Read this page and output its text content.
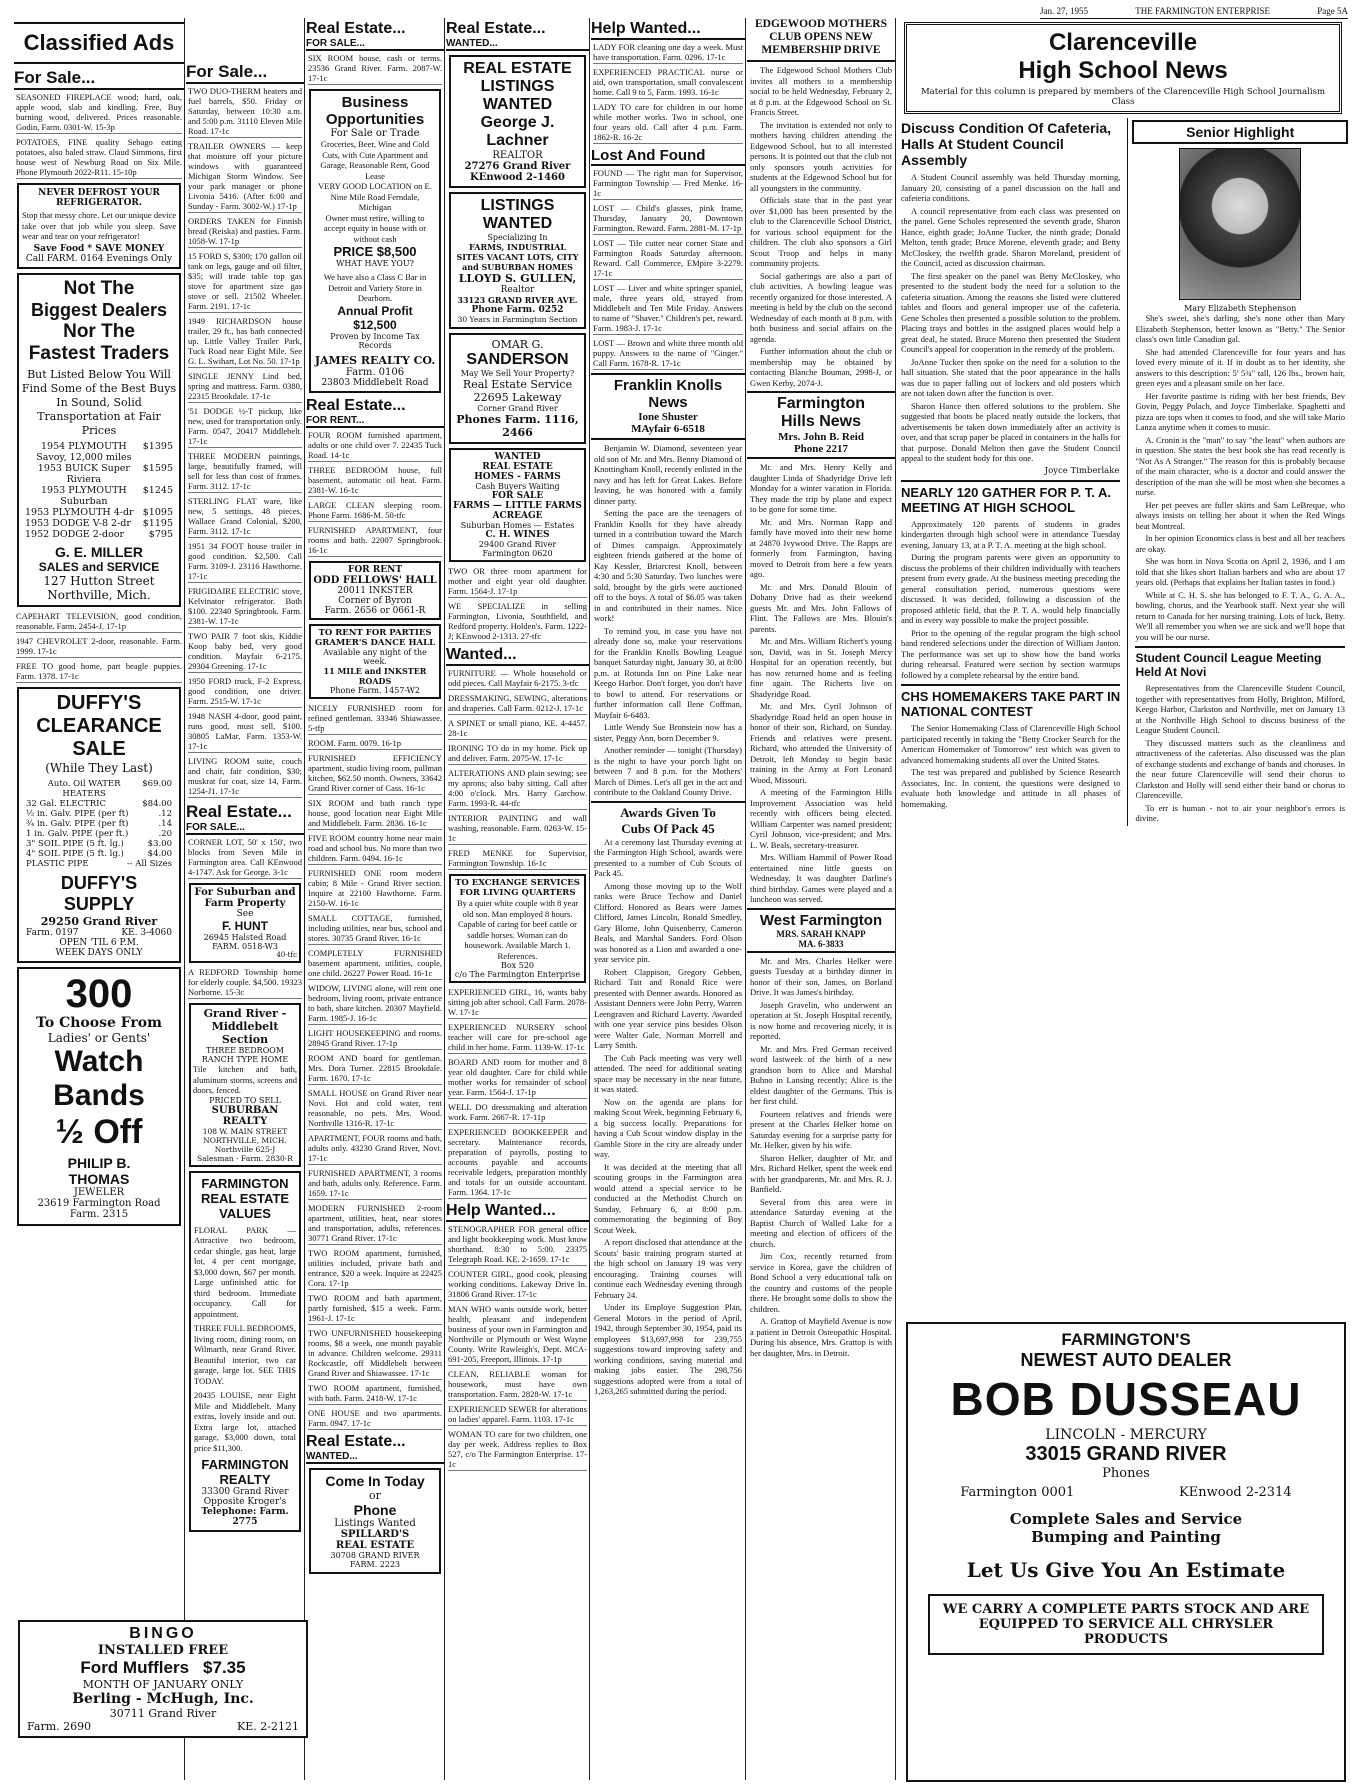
Jan. 27, 1955	THE FARMINGTON ENTERPRISE	Page 5A
Classified Ads
For Sale...
SEASONED FIREPLACE wood; hard, oak, apple wood, slab and kindling. Free, Buy burning wood, delivered. Prices reasonable. Godin, Farm. 0301-W. 15-3p
POTATOES, FINE quality Sebago eating potatoes, also baled straw. Claud Simmons, first house west of Newburg Road on Six Mile. Phone Plymouth 2022-R11. 15-10p
NEVER DEFROST YOUR REFRIGERATOR.
Stop that messy chore. Let our unique device take over that job while you sleep. Save wear and tear on your refrigerator!
Save Food * SAVE MONEY
Call FARM. 0164 Evenings Only
Not The
Biggest Dealers
Nor The
Fastest Traders
But Listed Below You Will Find Some of the Best Buys In Sound, Solid Transportation at Fair Prices
1954 PLYMOUTH Savoy, 12,000 miles
$1395
1953 BUICK Super Riviera
$1595
1953 PLYMOUTH Suburban
$1245
1953 PLYMOUTH 4-dr $1095
1953 DODGE V-8 2-dr $1195
1952 DODGE 2-door	$795
G. E. MILLER
SALES and SERVICE
127 Hutton Street
Northville, Mich.
CAPEHART TELEVISION, good condition, reasonable. Farm. 2454-J. 17-1p
1947 CHEVROLET 2-door, reasonable. Farm. 1999. 17-1c
FREE TO good home, part beagle puppies. Farm. 1378. 17-1c
DUFFY'S
CLEARANCE
SALE
(While They Last)
Auto. Oil WATER HEATERS
$69.00
32 Gal. ELECTRIC	$84.00
½ in. Galv. PIPE (per ft)	.12
¾ in. Galv. PIPE (per ft)	.14
1 in. Galv. PIPE (per ft.)	.20
3" SOIL PIPE (5 ft. lg.)	$3.00
4" SOIL PIPE (5 ft. lg.)	$4.00
PLASTIC PIPE	-- All Sizes
DUFFY'S
SUPPLY
29250 Grand River
Farm. 0197	KE. 3-4060
OPEN 'TIL 6 P.M.
WEEK DAYS ONLY
300
To Choose From
Ladies' or Gents'
Watch
Bands
½ Off
PHILIP B.
THOMAS
JEWELER
23619 Farmington Road
Farm. 2315
For Sale...
TWO DUO-THERM heaters and fuel barrels, $50. Friday or Saturday, between 10:30 a.m. and 5:00 p.m. 31110 Eleven Mile Road. 17-1c
TRAILER OWNERS — keep that moisture off your picture windows with guaranteed Michigan Storm Window. See your park manager or phone Livonia 5416. (After 6:00 and Sunday - Farm. 3002-W.) 17-1p
ORDERS TAKEN for Finnish bread (Reiska) and pasties. Farm. 1058-W. 17-1p
15 FORD S, $300; 170 gallon oil tank on legs, gauge and oil filter, $35; will trade table top gas stove for apartment size gas stove or sell. 21502 Wheeler. Farm. 2191. 17-1c
1949 RICHARDSON house trailer, 29 ft., has bath connected up. Little Valley Trailer Park, Tuck Road near Eight Mile. See G. L. Swihart, Lot No. 50. 17-1p
SINGLE JENNY Lind bed, spring and mattress. Farm. 0380, 22315 Brookdale. 17-1c
'51 DODGE ½-T pickup, like new, used for transportation only. Farm. 0547, 20417 Middlebelt. 17-1c
THREE MODERN paintings, large, beautifully framed, will sell for less than cost of frames. Farm. 3112. 17-1c
STERLING FLAT ware, like new, 5 settings, 48 pieces, Wallace Grand Colonial, $200, Farm. 3112. 17-1c
1951 34 FOOT house trailer in good condition. $2,500. Call Farm. 3109-J. 23116 Hawthorne. 17-1c
FRIGIDAIRE ELECTRIC stove, Kelvinator refrigerator. Both $100. 22340 Springbrook. Farm. 2381-W. 17-1c
TWO PAIR 7 foot skis, Kiddie Koop baby bed, very good condition. Mayfair 6-2175. 29304 Greening. 17-1c
1950 FORD truck, F-2 Express, good condition, one driver. Farm. 2515-W. 17-1c
1948 NASH 4-door, good paint, runs good, must sell, $100. 30805 LaMar, Farm. 1353-W. 17-1c
LIVING ROOM suite, couch and chair, fair condition, $30; muskrat fur coat, size 14, Farm. 1254-J1. 17-1c
Real Estate...
FOR SALE...
CORNER LOT, 50' x 150', two blocks from Seven Mile in Farmington area. Call KEnwood 4-1747. Ask for George. 3-1c
For Suburban and
Farm Property
See
F. HUNT
26945 Halsted Road
FARM. 0518-W3
40-tfc
A REDFORD Township home for elderly couple. $4,500. 19323 Norborne. 15-3c
Grand River -
Middlebelt Section
THREE BEDROOM
RANCH TYPE HOME
Tile kitchen and bath, aluminum storms, screens and doors, fenced.
PRICED TO SELL
SUBURBAN REALTY
108 W. MAIN STREET
NORTHVILLE, MICH.
Northville 625-J
Salesman - Farm. 2830-R
FARMINGTON
REAL ESTATE
VALUES
FLORAL PARK — Attractive two bedroom, cedar shingle, gas heat, large lot, 4 per cent mortgage, $3,000 down, $67 per month. Large unfinished attic for third bedroom. Immediate occupancy. Call for appointment.
THREE FULL BEDROOMS, living room, dining room, on Wilmarth, near Grand River. Beautiful interior, two car garage, large lot. SEE THIS TODAY.
20435 LOUISE, near Eight Mile and Middlebelt. Many extras, lovely inside and out. Extra large lot, attached garage, $3,000 down, total price $11,300.
FARMINGTON
REALTY
33300 Grand River
Opposite Kroger's
Telephone: Farm. 2775
BINGO
INSTALLED FREE
Ford Mufflers $7.35
MONTH OF JANUARY ONLY
Berling - McHugh, Inc.
30711 Grand River
Farm. 2690	KE. 2-2121
Real Estate...
FOR SALE...
SIX ROOM house, cash or terms. 23536 Grand River. Farm. 2087-W. 17-1c
Business
Opportunities
For Sale or Trade
Groceries, Beer, Wine and Cold Cuts, with Cute Apartment and Garage, Reasonable Rent, Good Lease
VERY GOOD LOCATION on E. Nine Mile Road Ferndale, Michigan
Owner must retire, willing to accept equity in house with or without cash
PRICE $8,500
WHAT HAVE YOU?
We have also a Class C Bar in Detroit and Variety Store in Dearborn.
Annual Profit $12,500
Proven by Income Tax Records
JAMES REALTY CO.
Farm. 0106
23803 Middlebelt Road
Real Estate...
FOR RENT...
FOUR ROOM furnished apartment, adults or one child over 7. 22435 Tuck Road. 14-1c
THREE BEDROOM house, full basement, automatic oil heat. Farm. 2381-W. 16-1c
LARGE CLEAN sleeping room. Phone Farm. 1686-M. 50-tfc
FURNISHED APARTMENT, four rooms and bath. 22007 Springbrook. 16-1c
FOR RENT
ODD FELLOWS' HALL
20011 INKSTER
Corner of Byron
Farm. 2656 or 0661-R
TO RENT FOR PARTIES
GRAMER'S DANCE HALL
Available any night of the week.
11 MILE and INKSTER ROADS
Phone Farm. 1457-W2
NICELY FURNISHED room for refined gentleman. 33346 Shiawassee. 5-tfp
ROOM. Farm. 0079. 16-1p
FURNISHED EFFICIENCY apartment, studio living room, pullman kitchen, $62.50 month. Owners, 33642 Grand River corner of Cass. 16-1c
SIX ROOM and bath ranch type house, good location near Eight Mile and Middlebelt. Farm. 2836. 16-1c
FIVE ROOM country home near main road and school bus. No more than two children. Farm. 0494. 16-1c
FURNISHED ONE room modern cabin; 8 Mile - Grand River section. Inquire at 22100 Hawthorne. Farm. 2150-W. 16-1c
SMALL COTTAGE, furnished, including utilities, near bus, school and stores. 30735 Grand River. 16-1c
COMPLETELY FURNISHED basement apartment, utilities, couple, one child. 26227 Power Road. 16-1c
WIDOW, LIVING alone, will rent one bedroom, living room, private entrance to bath, share kitchen. 20307 Mayfield. Farm. 1985-J. 16-1c
LIGHT HOUSEKEEPING and rooms. 28945 Grand River. 17-1p
ROOM AND board for gentleman. Mrs. Dora Turner. 22815 Brookdale. Farm. 1670. 17-1c
SMALL HOUSE on Grand River near Novi. Hot and cold water, rent reasonable, no pets. Mrs. Wood. Northville 1316-R. 17-1c
APARTMENT, FOUR rooms and bath, adults only. 43230 Grand River, Novi. 17-1c
FURNISHED APARTMENT, 3 rooms and bath, adults only. Reference. Farm. 1659. 17-1c
MODERN FURNISHED 2-room apartment, utilities, heat, near stores and transportation, adults, references. 30771 Grand River. 17-1c
TWO ROOM apartment, furnished, utilities included, private bath and entrance, $20 a week. Inquire at 22425 Cora. 17-1p
TWO ROOM and bath apartment, partly furnished, $15 a week. Farm. 1961-J. 17-1c
TWO UNFURNISHED housekeeping rooms, $8 a week, one month payable in advance. Children welcome. 29311 Rockcastle, off Middlebelt between Grand River and Shiawassee. 17-1c
TWO ROOM apartment, furnished, with bath. Farm. 2418-W. 17-1c
ONE HOUSE and two apartments. Farm. 0947. 17-1c
Real Estate...
WANTED...
Come In Today
or
Phone
Listings Wanted
SPILLARD'S
REAL ESTATE
30708 GRAND RIVER
FARM. 2223
Real Estate...
WANTED...
REAL ESTATE
LISTINGS
WANTED
George J.
Lachner
REALTOR
27276 Grand River
KEnwood 2-1460
LISTINGS
WANTED
Specializing In
FARMS, INDUSTRIAL SITES VACANT LOTS, CITY and SUBURBAN HOMES
LLOYD S. GULLEN,
Realtor
33123 GRAND RIVER AVE.
Phone Farm. 0252
30 Years in Farmington Section
OMAR G.
SANDERSON
May We Sell Your Property?
Real Estate Service
22695 Lakeway
Corner Grand River
Phones Farm. 1116, 2466
WANTED
REAL ESTATE
HOMES - FARMS
Cash Buyers Waiting
FOR SALE
FARMS — LITTLE FARMS
ACREAGE
Suburban Homes — Estates
C. H. WINES
29400 Grand River
Farmington 0620
TWO OR three room apartment for mother and eight year old daughter. Farm. 1564-J. 17-1p
WE SPECIALIZE in selling Farmington, Livonia, Southfield, and Redford property. Holden's. Farm. 1222-J; KEnwood 2-1313. 27-tfc
Wanted...
FURNITURE — Whole household or odd pieces. Call Mayfair 6-2175. 3-tfc
DRESSMAKING, SEWING, alterations and draperies. Call Farm. 0212-J. 17-1c
A SPINET or small piano, KE. 4-4457. 28-1c
IRONING TO do in my home. Pick up and deliver. Farm. 2075-W. 17-1c
ALTERATIONS AND plain sewing; see my aprons; also baby sitting. Call after 4:00 o'clock. Mrs. Harry Garchow. Farm. 1993-R. 44-tfc
INTERIOR PAINTING and wall washing, reasonable. Farm. 0263-W. 15-1c
FRED MENKE for Supervisor, Farmington Township. 16-1c
TO EXCHANGE SERVICES FOR LIVING QUARTERS
By a quiet white couple with 8 year old son. Man employed 8 hours. Capable of caring for beef cattle or saddle horses. Woman can do housework. Available March 1. References.
Box 520
c/o The Farmington Enterprise
EXPERIENCED GIRL, 16, wants baby sitting job after school. Call Farm. 2078-W. 17-1c
EXPERIENCED NURSERY school teacher will care for pre-school age child in her home. Farm. 1139-W. 17-1c
BOARD AND room for mother and 8 year old daughter. Care for child while mother works for remainder of school year. Farm. 1564-J. 17-1p
WELL DO dressmaking and alteration work. Farm. 2667-R. 17-11p
EXPERIENCED BOOKKEEPER and secretary. Maintenance records, preparation of payrolls, posting to accounts payable and accounts receivable ledgers, preparation monthly and totals for an outside accountant. Farm. 1364. 17-1c
Help Wanted...
STENOGRAPHER FOR general office and light bookkeeping work. Must know shorthand. 8:30 to 5:00. 23375 Telegraph Road. KE. 2-1659. 17-1c
COUNTER GIRL, good cook, pleasing working conditions. Lakeway Drive In. 31806 Grand River. 17-1c
MAN WHO wants outside work, better health, pleasant and independent business of your own in Farmington and Northville or Plymouth or West Wayne County. Write Rawleigh's, Dept. MCA-691-205, Freeport, Illinois. 17-1p
CLEAN, RELIABLE woman for housework, must have own transportation. Farm. 2828-W. 17-1c
EXPERIENCED SEWER for alterations on ladies' apparel. Farm. 1103. 17-1c
WOMAN TO care for two children, one day per week. Address replies to Box 527, c/o The Farmington Enterprise. 17-1c
Help Wanted...
LADY FOR cleaning one day a week. Must have transportation. Farm. 0296. 17-1c
EXPERIENCED PRACTICAL nurse or aid, own transportation, small convalescent home. Call 9 to 5, Farm. 1993. 16-1c
LADY TO care for children in our home while mother works. Two in school, one four years old. Call after 4 p.m. Farm. 1862-R. 16-2c
Lost And Found
FOUND — The right man for Supervisor, Farmington Township — Fred Menke. 16-1c
LOST — Child's glasses, pink frame, Thursday, January 20, Downtown Farmington. Reward. Farm. 2881-M. 17-1p
LOST — Tile cutter near corner State and Farmington Roads Saturday afternoon. Reward. Call Commerce, EMpire 3-2279. 17-1c
LOST — Liver and white springer spaniel, male, three years old, strayed from Middlebelt and Ten Mile Friday. Answers to name of "Shaver." Children's pet, reward. Farm. 1983-J. 17-1c
LOST — Brown and white three month old puppy. Answers to the name of "Ginger." Call Farm. 1678-R. 17-1c
Franklin Knolls
News
Ione Shuster
MAyfair 6-6518
Benjamin W. Diamond, seventeen year old son of Mr. and Mrs. Benny Diamond of Knottingham Knoll, recently enlisted in the navy and has left for Great Lakes. Before leaving, he was honored with a family dinner party.
Setting the pace are the teenagers of Franklin Knolls for they have already turned in a contribution toward the March of Dimes campaign. Approximately eighteen friends gathered at the home of Kay Kessler, Briarcrest Knoll, between 4:30 and 5:30 Saturday. Two lunches were sold, brought by the girls were auctioned off to the boys. A total of $6.05 was taken in and contributed in their names. Nice work!
To remind you, in case you have not already done so, make your reservations for the Franklin Knolls Bowling League banquet Saturday night, January 30, at 8:00 p.m. at Rotunda Inn on Pine Lake near Keego Harbor. Don't forget, you don't have to bowl to attend. For reservations or further information call Ilene Coffman, Mayfair 6-6483.
Little Wendy Sue Bronstein now has a sister, Peggy Ann, born December 9.
Another reminder — tonight (Thursday) is the night to have your porch light on between 7 and 8 p.m. for the Mothers' March of Dimes. Let's all get in the act and contribute to the Oakland County Drive.
Awards Given To
Cubs Of Pack 45
At a ceremony last Thursday evening at the Farmington High School, awards were presented to a number of Cub Scouts of Pack 45.
Among those moving up to the Wolf ranks were Bruce Techow and Daniel Clifford. Honored as Bears were James Clifford, James Lincoln, Ronald Smedley, Gary Blome, John Quisenberry, Cameron Beals, and Marshal Sanders. Ford Olson was honored as a Lion and awarded a one-year service pin.
Robert Clappison, Gregory Gebben, Richard Tait and Ronald Rice were presented with Denner awards. Honored as Assistant Denners were John Perry, Warren Leengraven and Richard Laverty. Awarded with one year service pins besides Olson were Walter Gale, Norman Morrell and Larry Smith.
The Cub Pack meeting was very well attended. The need for additional seating space may be necessary in the near future, it was stated.
Now on the agenda are plans for making Scout Week, beginning February 6, a big success locally. Preparations for having a Cub Scout window display in the Gamble Store in the city are already under way.
It was decided at the meeting that all scouting groups in the Farmington area would attend a special service to be conducted at the Methodist Church on Sunday, February 6, at 8:00 p.m. commemorating the beginning of Boy Scout Week.
A report disclosed that attendance at the Scouts' basic training program started at the high school on January 19 was very encouraging. Training courses will continue each Wednesday evening through February 24.
Under its Employe Suggestion Plan, General Motors in the period of April, 1942, through September 30, 1954, paid its employees $13,697,998 for 239,755 suggestions toward improving safety and working conditions, saving material and making jobs easier. The 298,756 suggestions adopted were from a total of 1,263,265 submitted during the period.
EDGEWOOD MOTHERS
CLUB OPENS NEW
MEMBERSHIP DRIVE
The Edgewood School Mothers Club invites all mothers to a membership social to be held Wednesday, February 2, at 8 p.m. at the Edgewood School on St. Francis Street.
The invitation is extended not only to mothers having children attending the Edgewood School, but to all interested persons. It is pointed out that the club not only sponsors youth activities for students at the Edgewood School but for all youngsters in the community.
Officials state that in the past year over $1,000 has been presented by the club to the Clarenceville School District, for various school equipment for the children. The club also sponsors a Girl Scout Troop and helps in many community projects.
Social gatherings are also a part of club activities. A bowling league was recently organized for those interested. A meeting is held by the club on the second Wednesday of each month at 8 p.m. with both business and social affairs on the agenda.
Further information about the club or membership may be obtained by contacting Blanche Bouman, 2998-J, or Gwen Kerby, 2074-J.
Farmington
Hills News
Mrs. John B. Reid
Phone 2217
Mr. and Mrs. Henry Kelly and daughter Linda of Shadyridge Drive left Monday for a winter vacation in Florida. They made the trip by plane and expect to be gone for some time.
Mr. and Mrs. Norman Rapp and family have moved into their new home at 24870 Ivywood Drive. The Rapps are formerly from Farmington, having moved to Detroit from here a few years ago.
Mr. and Mrs. Donald Blouin of Dohany Drive had as their weekend guests Mr. and Mrs. John Fallows of Flint. The Fallows are Mrs. Blouin's parents.
Mr. and Mrs. William Richert's young son, David, was in St. Joseph Mercy Hospital for an operation recently, but has now returned home and is feeling fine again. The Richerts live on Shadyridge Road.
Mr. and Mrs. Cyril Johnson of Shadyridge Road held an open house in honor of their son, Richard, on Sunday. Friends and relatives were present. Richard, who attended the University of Detroit, left Monday to begin basic training in the Army at Fort Leonard Wood, Missouri.
A meeting of the Farmington Hills Improvement Association was held recently with officers being elected. William Carpenter was named president; Cyril Johnson, vice-president; and Mrs. L. W. Beals, secretary-treasurer.
Mrs. William Hammil of Power Road entertained nine little guests on Wednesday. It was daughter Darline's third birthday. Games were played and a luncheon was served.
West Farmington
MRS. SARAH KNAPP
MA. 6-3833
Mr. and Mrs. Charles Helker were guests Tuesday at a birthday dinner in honor of their son, James, on Borland Drive. It was James's birthday.
Joseph Gravelin, who underwent an operation at St. Joseph Hospital recently, is now home and recovering nicely, it is reported.
Mr. and Mrs. Fred German received word lastweek of the birth of a new grandson born to Alice and Marshal Buhno in Lansing recently; Alice is the eldest daughter of the Germans. This is her first child.
Fourteen relatives and friends were present at the Charles Helker home on Saturday evening for a surprise party for Mr. Helker, given by his wife.
Sharon Helker, daughter of Mr. and Mrs. Richard Helker, spent the week end with her grandparents, Mr. and Mrs. R. J. Banfield.
Several from this area were in attendance Saturday evening at the Baptist Church of Walled Lake for a meeting and election of officers of the church.
Jim Cox, recently returned from service in Korea, gave the children of Bond School a very educational talk on the country and customs of the people there. He brought some dolls to show the children.
A. Grattop of Mayfield Avenue is now a patient in Detroit Osteopathic Hospital. During his absence, Mrs. Grattop is with her daughter, Mrs. in Detroit.
Clarenceville
High School News
Material for this column is prepared by members of the Clarenceville High School Journalism Class
Discuss Condition Of Cafeteria, Halls At Student Council Assembly
A Student Council assembly was held Thursday morning, January 20, consisting of a panel discussion on the hall and cafeteria conditions.
A council representative from each class was presented on the panel. Gene Scholes represented the seventh grade, Sharon Hance, eighth grade; JoAnne Tucker, the ninth grade; Donald Melton, tenth grade; Bruce Morene, eleventh grade; and Betty McCloskey, the twelfth grade. Sharon Moreland, president of the Council, acted as discussion chairman.
The first speaker on the panel was Betty McCloskey, who presented to the student body the need for a solution to the cafeteria situation. Among the reasons she listed were cluttered tables and floors and general improper use of the cafeteria. Gene Scholes then presented a possible solution to the problem. Placing trays and bottles in the assigned places would help a great deal, he stated. Bruce Moreno then presented the Student Council's appeal for cooperation in the remedy of the problem.
JoAnne Tucker then spoke on the need for a solution to the hall situation. She stated that the poor appearance in the halls was due to paper falling out of lockers and old posters which are not taken down after the function is over.
Sharon Hance then offered solutions to the problem. She suggested that boots be placed neatly outside the lockers, that advertisements be taken down immediately after an activity is over, and that scrap paper be placed in containers in the halls for that purpose. Donald Melton then gave the Student Council appeal to the student body for this one.
Joyce Timberlake
NEARLY 120 GATHER FOR P. T. A. MEETING AT HIGH SCHOOL
Approximately 120 parents of students in grades kindergarten through high school were in attendance Tuesday evening, January 13, at a P. T. A. meeting at the high school.
During the program parents were given an opportunity to discuss the problems of their children individually with teachers present from every grade. At the business meeting preceding the general consultation period, numerous questions were discussed. It was decided, following a discussion of the proposed athletic field, that the P. T. A. would help financially and in every way possible to make the project possible.
Prior to the opening of the regular program the high school band rendered selections under the direction of William Janton. The performance was set up to show how the band works during rehearsal. Featured were section by section warmups followed by a complete rehearsal by the entire band.
CHS HOMEMAKERS TAKE PART IN NATIONAL CONTEST
The Senior Homemaking Class of Clarenceville High School participated recently in taking the "Betty Crocker Search for the American Homemaker of Tomorrow" test which was given to advanced homemaking students all over the United States.
The test was prepared and published by Science Research Associates, Inc. In content, the questions were designed to evaluate both knowledge and attitude in all phases of homemaking.
Senior Highlight
Mary Elizabeth Stephenson
She's sweet, she's darling, she's none other than Mary Elizabeth Stephenson, better known as "Betty." The Senior class's own little Canadian gal.
She had attended Clarenceville for four years and has loved every minute of it. If in doubt as to her identity, she answers to this description: 5' 5¾" tall, 126 lbs., brown hair, green eyes and a pleasant smile on her face.
Her favorite pastime is riding with her best friends, Bev Govin, Peggy Polach, and Joyce Timberlake. Spaghetti and pizza are tops when it comes to food, and she will take Mario Lanza anytime when it comes to music.
A. Cronin is the "man" to say "the least" when authors are in question. She states the best book she has read recently is "Not As A Stranger." The reason for this is probably because of the main character, who is a doctor and could answer the description of the man she will be most when she becomes a nurse.
Her pet peeves are fuller skirts and Sam LeBreque, who always insists on telling her about it when the Red Wings beat Montreal.
In her opinion Economics class is best and all her teachers are okay.
She was born in Nova Scotia on April 2, 1936, and I am told that she likes short Italian barbers and who are about 17 years old. (Perhaps that explains her Italian tastes in food.)
While at C. H. S. she has belonged to F. T. A., G. A. A., bowling, chorus, and the Yearbook staff. Next year she will return to Canada for her nursing training. Lots of luck, Betty. We'll all remember you when we are sick and we'll hope that you will be our nurse.
Student Council League Meeting Held At Novi
Representatives from the Clarenceville Student Council, together with representatives from Holly, Brighton, Milford, Keego Harbor, Clarkston and Northville, met on January 13 at the Northville High School to discuss business of the League Student Council.
They discussed matters such as the cleanliness and attractiveness of the cafeterias. Also discussed was the plan of exchange students and exchange of bands and choruses. In the near future Clarenceville will send their chorus to Clarkston and Holly will send either their band or chorus to Clarenceville.
To err is human - not to air your neighbor's errors is divine.
FARMINGTON'S
NEWEST AUTO DEALER
BOB DUSSEAU
LINCOLN - MERCURY
33015 GRAND RIVER
Phones
Farmington 0001	KEnwood 2-2314
Complete Sales and Service
Bumping and Painting
Let Us Give You An Estimate
WE CARRY A COMPLETE PARTS STOCK AND ARE EQUIPPED TO SERVICE ALL CHRYSLER PRODUCTS
